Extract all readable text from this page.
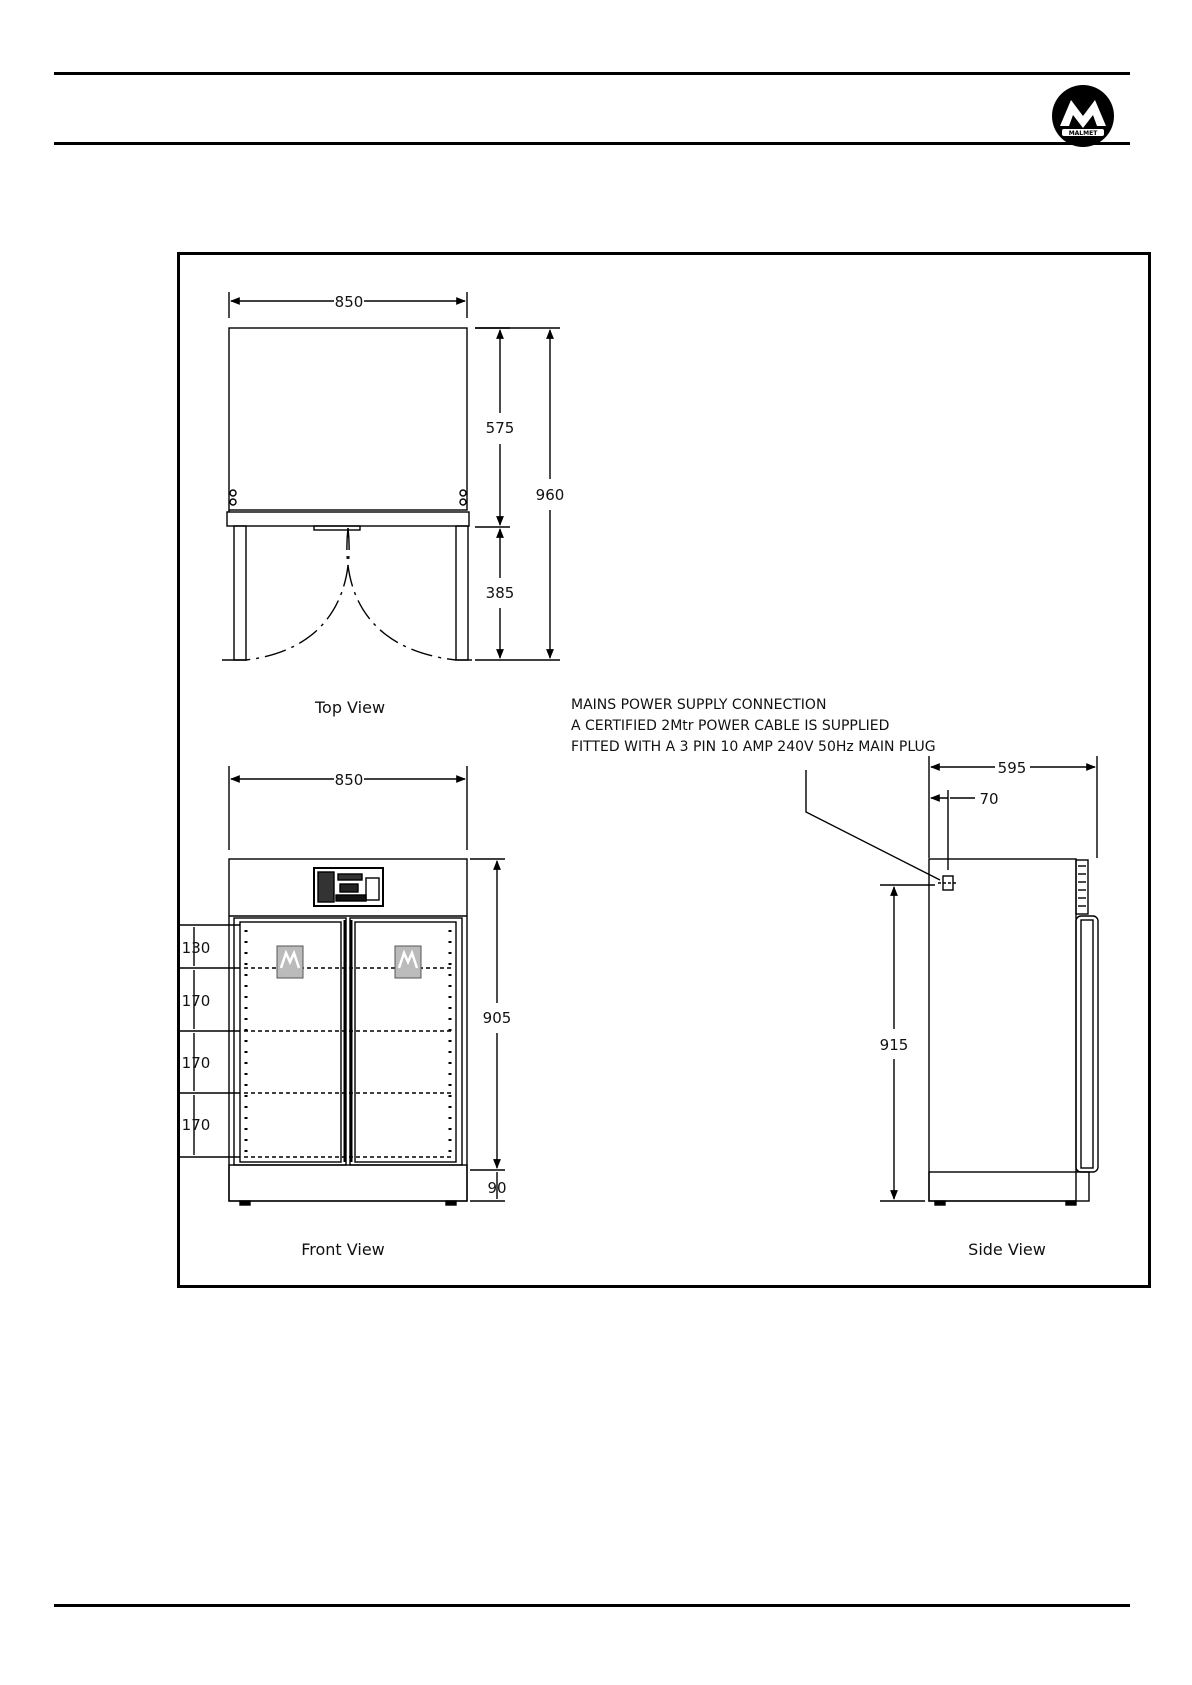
MALMET
850
575
385
960
Top View	MAINS POWER SUPPLY CONNECTION
A CERTIFIED 2Mtr POWER CABLE IS SUPPLIED
FITTED WITH A 3 PIN 10 AMP 240V 50Hz MAIN PLUG
850
905
90
130
170
170
170
Front View
595
70
915
Side View
